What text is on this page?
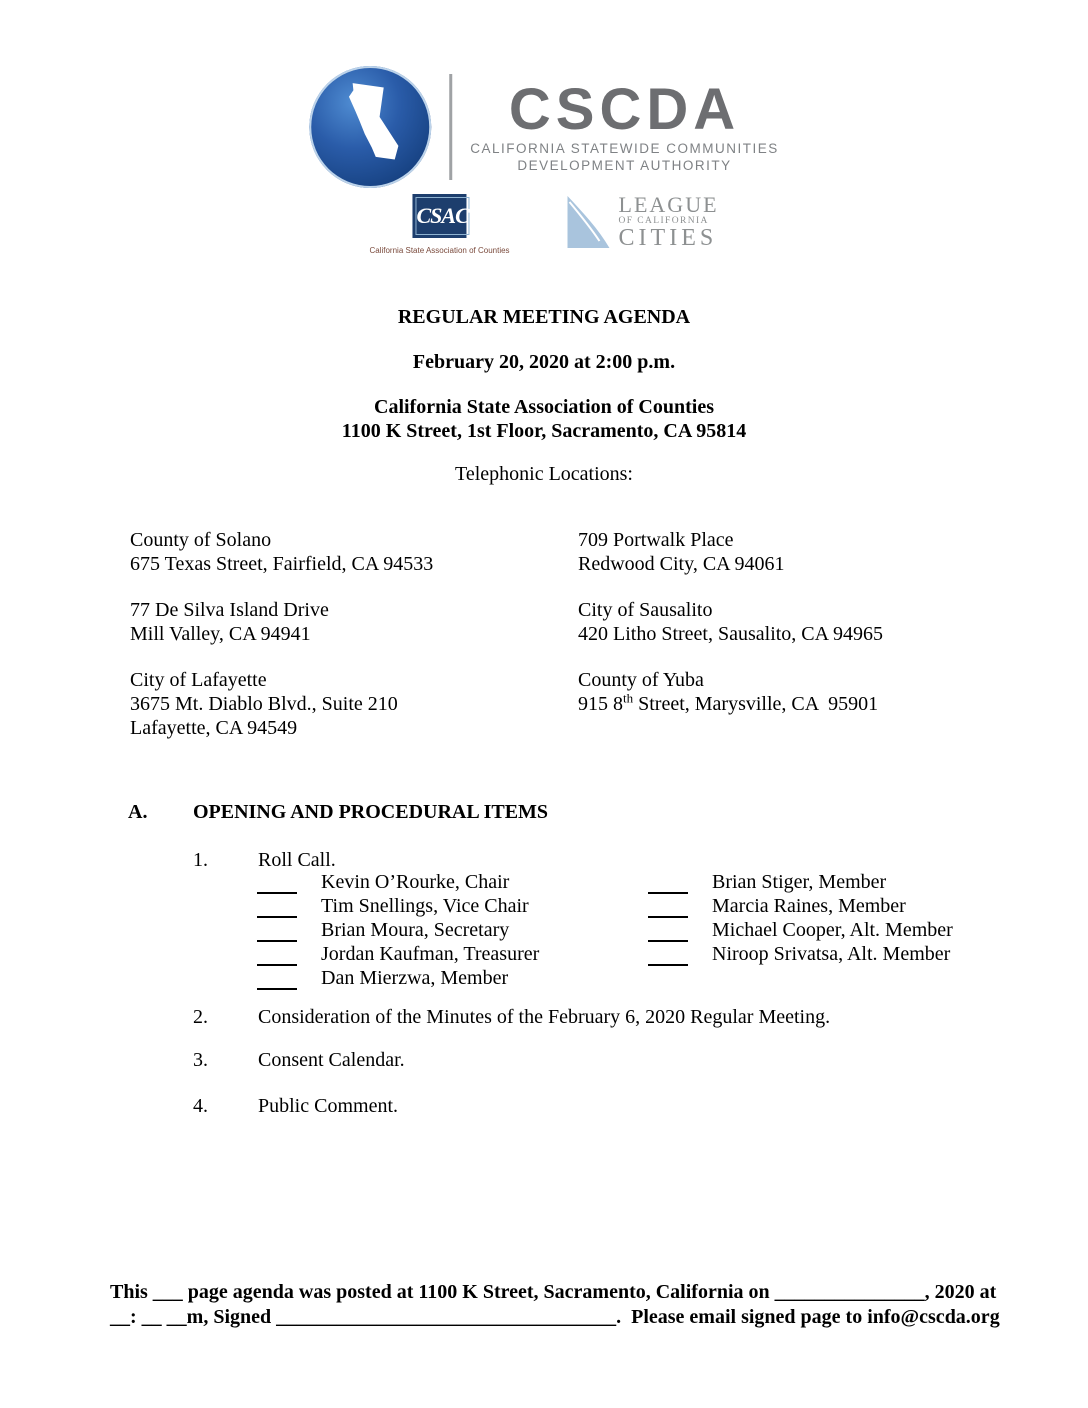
CSCDA
CALIFORNIA STATEWIDE COMMUNITIES
DEVELOPMENT AUTHORITY
CSAC
California State Association of Counties
LEAGUE
OF CALIFORNIA
CITIES
REGULAR MEETING AGENDA
February 20, 2020 at 2:00 p.m.
California State Association of Counties
1100 K Street, 1st Floor, Sacramento, CA 95814
Telephonic Locations:
County of Solano
675 Texas Street, Fairfield, CA 94533
709 Portwalk Place
Redwood City, CA 94061
77 De Silva Island Drive
Mill Valley, CA 94941
City of Sausalito
420 Litho Street, Sausalito, CA 94965
City of Lafayette
3675 Mt. Diablo Blvd., Suite 210
Lafayette, CA 94549
County of Yuba
915 8th Street, Marysville, CA  95901
A.	OPENING AND PROCEDURAL ITEMS
1.	Roll Call.
Kevin O’Rourke, Chair
Tim Snellings, Vice Chair
Brian Moura, Secretary
Jordan Kaufman, Treasurer
Dan Mierzwa, Member
Brian Stiger, Member
Marcia Raines, Member
Michael Cooper, Alt. Member
Niroop Srivatsa, Alt. Member
2.	Consideration of the Minutes of the February 6, 2020 Regular Meeting.
3.	Consent Calendar.
4.	Public Comment.
This ___ page agenda was posted at 1100 K Street, Sacramento, California on _______________, 2020 at
__: __ __m, Signed __________________________________.  Please email signed page to info@cscda.org
